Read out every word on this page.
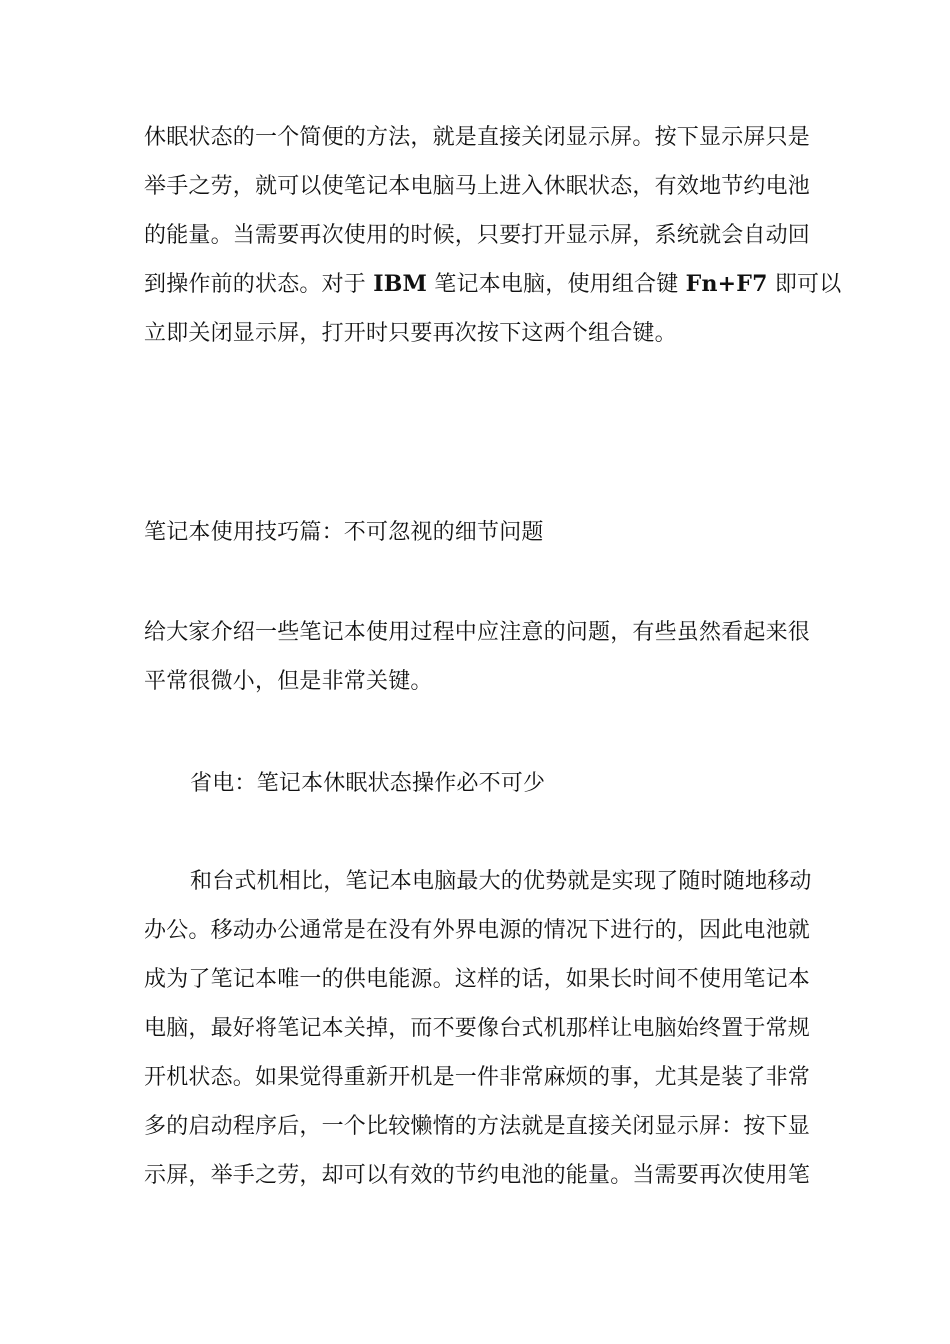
休眠状态的一个简便的方法，就是直接关闭显示屏。按下显示屏只是
举手之劳，就可以使笔记本电脑马上进入休眠状态，有效地节约电池
的能量。当需要再次使用的时候，只要打开显示屏，系统就会自动回
到操作前的状态。对于 IBM 笔记本电脑，使用组合键 Fn+F7 即可以
立即关闭显示屏，打开时只要再次按下这两个组合键。
笔记本使用技巧篇：不可忽视的细节问题
给大家介绍一些笔记本使用过程中应注意的问题，有些虽然看起来很
平常很微小，但是非常关键。
省电：笔记本休眠状态操作必不可少
和台式机相比，笔记本电脑最大的优势就是实现了随时随地移动
办公。移动办公通常是在没有外界电源的情况下进行的，因此电池就
成为了笔记本唯一的供电能源。这样的话，如果长时间不使用笔记本
电脑，最好将笔记本关掉，而不要像台式机那样让电脑始终置于常规
开机状态。如果觉得重新开机是一件非常麻烦的事，尤其是装了非常
多的启动程序后，一个比较懒惰的方法就是直接关闭显示屏：按下显
示屏，举手之劳，却可以有效的节约电池的能量。当需要再次使用笔
